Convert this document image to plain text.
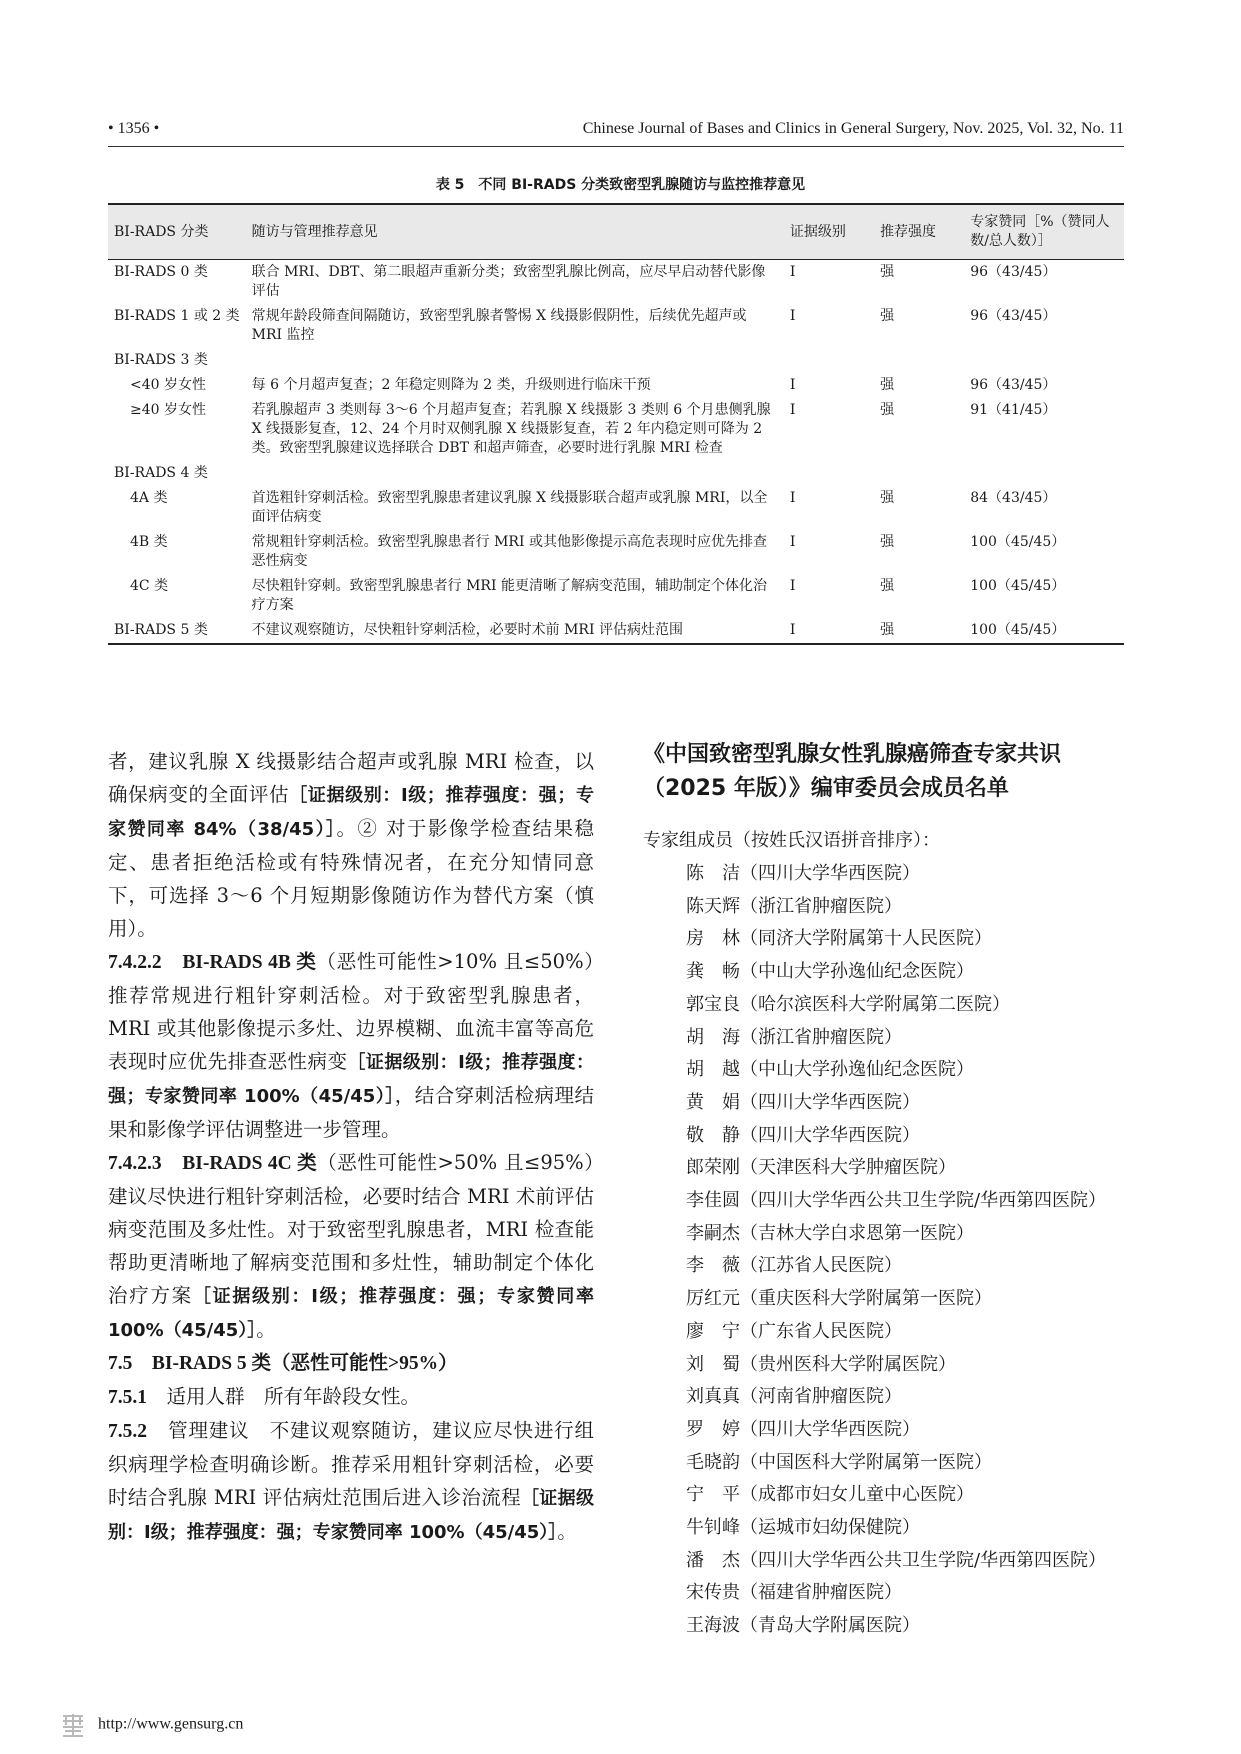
• 1356 •	Chinese Journal of Bases and Clinics in General Surgery, Nov. 2025, Vol. 32, No. 11
表 5　不同 BI-RADS 分类致密型乳腺随访与监控推荐意见
BI-RADS 分类	随访与管理推荐意见	证据级别	推荐强度	专家赞同［%（赞同人数/总人数）］
BI-RADS 0 类	联合 MRI、DBT、第二眼超声重新分类；致密型乳腺比例高，应尽早启动替代影像评估	Ⅰ	强	96（43/45）
BI-RADS 1 或 2 类	常规年龄段筛查间隔随访，致密型乳腺者警惕 X 线摄影假阴性，后续优先超声或 MRI 监控	Ⅰ	强	96（43/45）
BI-RADS 3 类				
<40 岁女性	每 6 个月超声复查；2 年稳定则降为 2 类，升级则进行临床干预	Ⅰ	强	96（43/45）
≥40 岁女性	若乳腺超声 3 类则每 3～6 个月超声复查；若乳腺 X 线摄影 3 类则 6 个月患侧乳腺 X 线摄影复查，12、24 个月时双侧乳腺 X 线摄影复查，若 2 年内稳定则可降为 2 类。致密型乳腺建议选择联合 DBT 和超声筛查，必要时进行乳腺 MRI 检查	Ⅰ	强	91（41/45）
BI-RADS 4 类				
4A 类	首选粗针穿刺活检。致密型乳腺患者建议乳腺 X 线摄影联合超声或乳腺 MRI，以全面评估病变	Ⅰ	强	84（43/45）
4B 类	常规粗针穿刺活检。致密型乳腺患者行 MRI 或其他影像提示高危表现时应优先排查恶性病变	Ⅰ	强	100（45/45）
4C 类	尽快粗针穿刺。致密型乳腺患者行 MRI 能更清晰了解病变范围，辅助制定个体化治疗方案	Ⅰ	强	100（45/45）
BI-RADS 5 类	不建议观察随访，尽快粗针穿刺活检，必要时术前 MRI 评估病灶范围	Ⅰ	强	100（45/45）

者，建议乳腺 X 线摄影结合超声或乳腺 MRI 检查，以确保病变的全面评估［证据级别：Ⅰ级；推荐强度：强；专家赞同率 84%（38/45）］。② 对于影像学检查结果稳定、患者拒绝活检或有特殊情况者，在充分知情同意下，可选择 3～6 个月短期影像随访作为替代方案（慎用）。

7.4.2.2　BI-RADS 4B 类（恶性可能性>10% 且≤50%）推荐常规进行粗针穿刺活检。对于致密型乳腺患者，MRI 或其他影像提示多灶、边界模糊、血流丰富等高危表现时应优先排查恶性病变［证据级别：Ⅰ级；推荐强度：强；专家赞同率 100%（45/45）］，结合穿刺活检病理结果和影像学评估调整进一步管理。

7.4.2.3　BI-RADS 4C 类（恶性可能性>50% 且≤95%）建议尽快进行粗针穿刺活检，必要时结合 MRI 术前评估病变范围及多灶性。对于致密型乳腺患者，MRI 检查能帮助更清晰地了解病变范围和多灶性，辅助制定个体化治疗方案［证据级别：Ⅰ级；推荐强度：强；专家赞同率 100%（45/45）］。

7.5　BI-RADS 5 类（恶性可能性>95%）

7.5.1　 适用人群　所有年龄段女性。

7.5.2　 管理建议　不建议观察随访，建议应尽快进行组织病理学检查明确诊断。推荐采用粗针穿刺活检，必要时结合乳腺 MRI 评估病灶范围后进入诊治流程［证据级别：Ⅰ级；推荐强度：强；专家赞同率 100%（45/45）］。

《中国致密型乳腺女性乳腺癌筛查专家共识（2025 年版）》编审委员会成员名单
专家组成员（按姓氏汉语拼音排序）：
陈　洁（四川大学华西医院）
陈天辉（浙江省肿瘤医院）
房　林（同济大学附属第十人民医院）
龚　畅（中山大学孙逸仙纪念医院）
郭宝良（哈尔滨医科大学附属第二医院）
胡　海（浙江省肿瘤医院）
胡　越（中山大学孙逸仙纪念医院）
黄　娟（四川大学华西医院）
敬　静（四川大学华西医院）
郎荣刚（天津医科大学肿瘤医院）
李佳圆（四川大学华西公共卫生学院/华西第四医院）
李嗣杰（吉林大学白求恩第一医院）
李　薇（江苏省人民医院）
厉红元（重庆医科大学附属第一医院）
廖　宁（广东省人民医院）
刘　蜀（贵州医科大学附属医院）
刘真真（河南省肿瘤医院）
罗　婷（四川大学华西医院）
毛晓韵（中国医科大学附属第一医院）
宁　平（成都市妇女儿童中心医院）
牛钊峰（运城市妇幼保健院）
潘　杰（四川大学华西公共卫生学院/华西第四医院）
宋传贵（福建省肿瘤医院）
王海波（青岛大学附属医院）
http://www.gensurg.cn
